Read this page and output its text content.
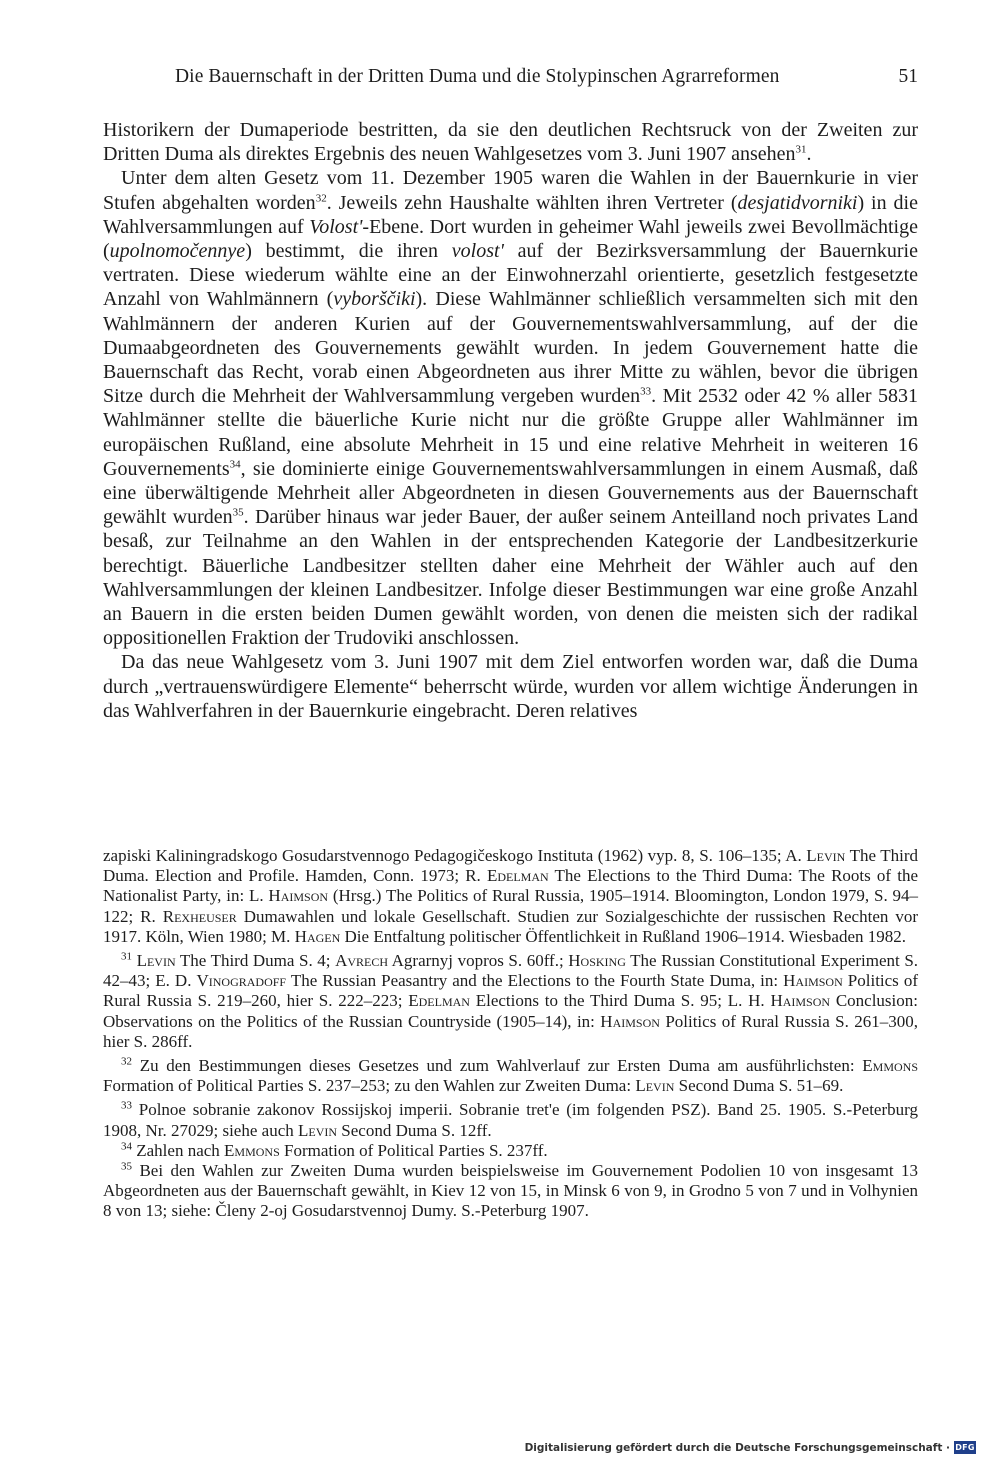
Die Bauernschaft in der Dritten Duma und die Stolypinschen Agrarreformen	51

Historikern der Dumaperiode bestritten, da sie den deutlichen Rechtsruck von der Zweiten zur Dritten Duma als direktes Ergebnis des neuen Wahlgesetzes vom 3. Juni 1907 ansehen$^{31}$.

Unter dem alten Gesetz vom 11. Dezember 1905 waren die Wahlen in der Bauernkurie in vier Stufen abgehalten worden$^{32}$. Jeweils zehn Haushalte wählten ihren Vertreter (desjatidvorniki) in die Wahlversammlungen auf Volost'-Ebene. Dort wurden in geheimer Wahl jeweils zwei Bevollmächtige (upolnomočennye) bestimmt, die ihren volost' auf der Bezirksversammlung der Bauernkurie vertraten. Diese wiederum wählte eine an der Einwohnerzahl orientierte, gesetzlich festgesetzte Anzahl von Wahlmännern (vyborščiki). Diese Wahlmänner schließlich versammelten sich mit den Wahlmännern der anderen Kurien auf der Gouvernementswahlversammlung, auf der die Dumaabgeordneten des Gouvernements gewählt wurden. In jedem Gouvernement hatte die Bauernschaft das Recht, vorab einen Abgeordneten aus ihrer Mitte zu wählen, bevor die übrigen Sitze durch die Mehrheit der Wahlversammlung vergeben wurden$^{33}$. Mit 2532 oder 42 % aller 5831 Wahlmänner stellte die bäuerliche Kurie nicht nur die größte Gruppe aller Wahlmänner im europäischen Rußland, eine absolute Mehrheit in 15 und eine relative Mehrheit in weiteren 16 Gouvernements$^{34}$, sie dominierte einige Gouvernementswahlversammlungen in einem Ausmaß, daß eine überwältigende Mehrheit aller Abgeordneten in diesen Gouvernements aus der Bauernschaft gewählt wurden$^{35}$. Darüber hinaus war jeder Bauer, der außer seinem Anteilland noch privates Land besaß, zur Teilnahme an den Wahlen in der entsprechenden Kategorie der Landbesitzerkurie berechtigt. Bäuerliche Landbesitzer stellten daher eine Mehrheit der Wähler auch auf den Wahlversammlungen der kleinen Landbesitzer. Infolge dieser Bestimmungen war eine große Anzahl an Bauern in die ersten beiden Dumen gewählt worden, von denen die meisten sich der radikal oppositionellen Fraktion der Trudoviki anschlossen.

Da das neue Wahlgesetz vom 3. Juni 1907 mit dem Ziel entworfen worden war, daß die Duma durch „vertrauenswürdigere Elemente“ beherrscht würde, wurden vor allem wichtige Änderungen in das Wahlverfahren in der Bauernkurie eingebracht. Deren relatives

zapiski Kaliningradskogo Gosudarstvennogo Pedagogičeskogo Instituta (1962) vyp. 8, S. 106–135; A. Levin The Third Duma. Election and Profile. Hamden, Conn. 1973; R. Edelman The Elections to the Third Duma: The Roots of the Nationalist Party, in: L. Haimson (Hrsg.) The Politics of Rural Russia, 1905–1914. Bloomington, London 1979, S. 94–122; R. Rexheuser Dumawahlen und lokale Gesellschaft. Studien zur Sozialgeschichte der russischen Rechten vor 1917. Köln, Wien 1980; M. Hagen Die Entfaltung politischer Öffentlichkeit in Rußland 1906–1914. Wiesbaden 1982.

$^{31}$ Levin The Third Duma S. 4; Avrech Agrarnyj vopros S. 60ff.; Hosking The Russian Constitutional Experiment S. 42–43; E. D. Vinogradoff The Russian Peasantry and the Elections to the Fourth State Duma, in: Haimson Politics of Rural Russia S. 219–260, hier S. 222–223; Edelman Elections to the Third Duma S. 95; L. H. Haimson Conclusion: Observations on the Politics of the Russian Countryside (1905–14), in: Haimson Politics of Rural Russia S. 261–300, hier S. 286ff.

$^{32}$ Zu den Bestimmungen dieses Gesetzes und zum Wahlverlauf zur Ersten Duma am ausführlichsten: Emmons Formation of Political Parties S. 237–253; zu den Wahlen zur Zweiten Duma: Levin Second Duma S. 51–69.

$^{33}$ Polnoe sobranie zakonov Rossijskoj imperii. Sobranie tret'e (im folgenden PSZ). Band 25. 1905. S.-Peterburg 1908, Nr. 27029; siehe auch Levin Second Duma S. 12ff.

$^{34}$ Zahlen nach Emmons Formation of Political Parties S. 237ff.

$^{35}$ Bei den Wahlen zur Zweiten Duma wurden beispielsweise im Gouvernement Podolien 10 von insgesamt 13 Abgeordneten aus der Bauernschaft gewählt, in Kiev 12 von 15, in Minsk 6 von 9, in Grodno 5 von 7 und in Volhynien 8 von 13; siehe: Členy 2-oj Gosudarstvennoj Dumy. S.-Peterburg 1907.

Digitalisierung gefördert durch die Deutsche Forschungsgemeinschaft · DFG
